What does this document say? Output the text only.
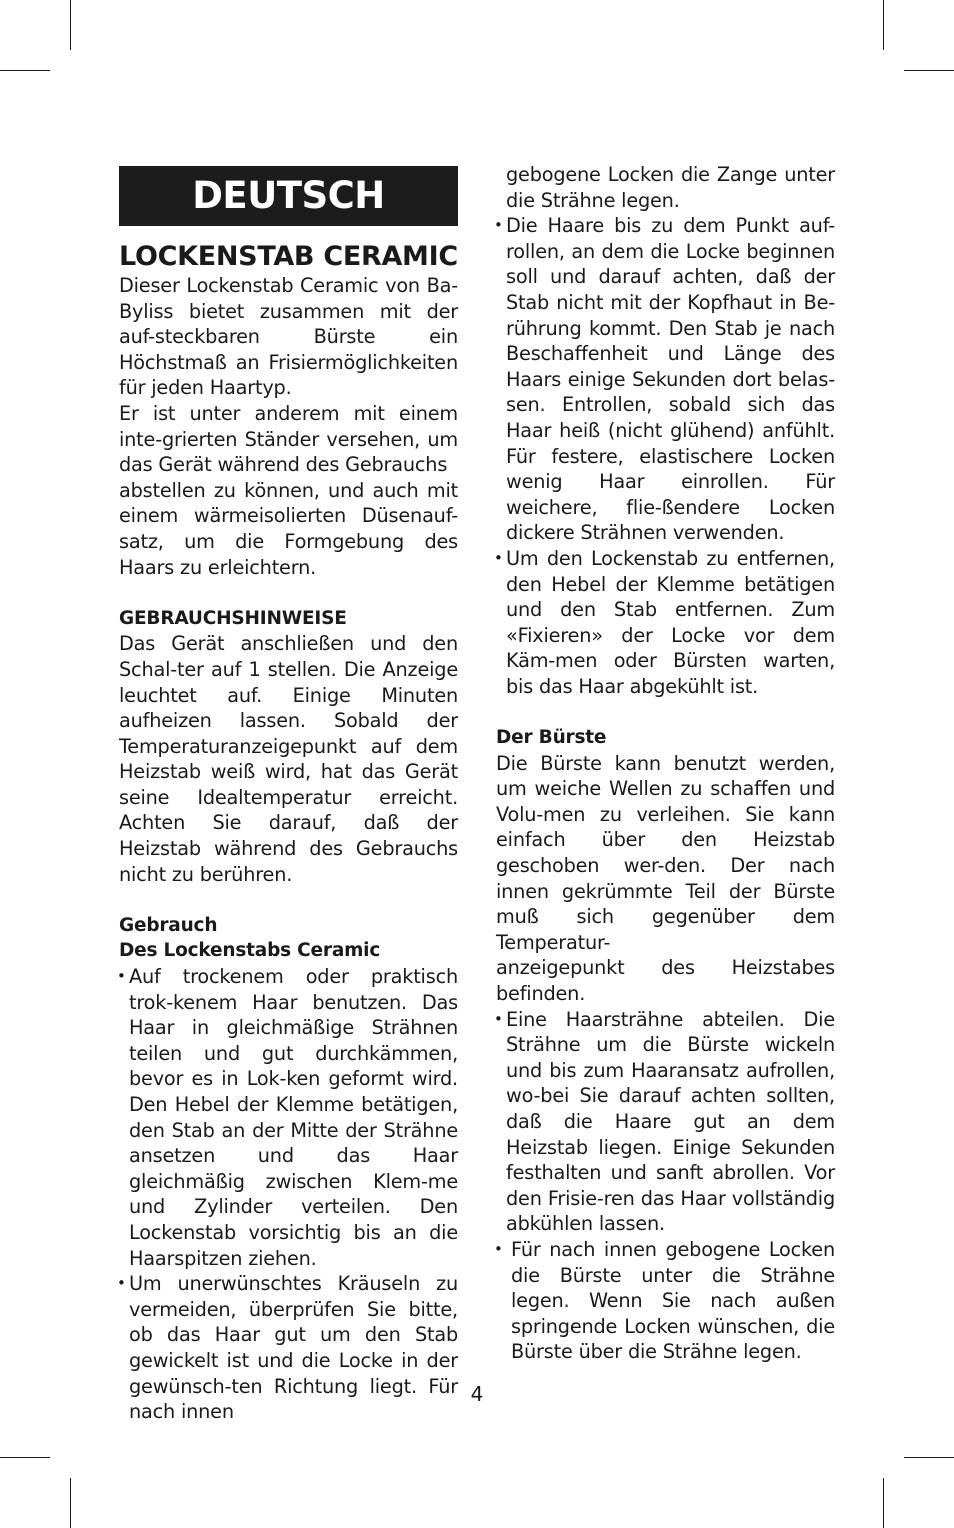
DEUTSCH
LOCKENSTAB CERAMIC

Dieser Lockenstab Ceramic von Ba-Byliss bietet zusammen mit der auf-steckbaren Bürste ein Höchstmaß an Frisiermöglichkeiten für jeden Haartyp.

Er ist unter anderem mit einem inte-grierten Ständer versehen, um das Gerät während des Gebrauchs

abstellen zu können, und auch mit einem wärmeisolierten Düsenauf-satz, um die Formgebung des Haars zu erleichtern.

GEBRAUCHSHINWEISE

Das Gerät anschließen und den Schal-ter auf 1 stellen. Die Anzeige leuchtet auf. Einige Minuten aufheizen lassen. Sobald der Temperaturanzeigepunkt auf dem Heizstab weiß wird, hat das Gerät seine Idealtemperatur erreicht. Achten Sie darauf, daß der Heizstab während des Gebrauchs nicht zu berühren.

Gebrauch
Des Lockenstabs Ceramic
• Auf trockenem oder praktisch trok-kenem Haar benutzen. Das Haar in gleichmäßige Strähnen teilen und gut durchkämmen, bevor es in Lok-ken geformt wird. Den Hebel der Klemme betätigen, den Stab an der Mitte der Strähne ansetzen und das Haar gleichmäßig zwischen Klem-me und Zylinder verteilen. Den Lockenstab vorsichtig bis an die Haarspitzen ziehen.
• Um unerwünschtes Kräuseln zu vermeiden, überprüfen Sie bitte, ob das Haar gut um den Stab gewickelt ist und die Locke in der gewünsch-ten Richtung liegt. Für nach innen

gebogene Locken die Zange unter die Strähne legen.

• Die Haare bis zu dem Punkt auf-rollen, an dem die Locke beginnen soll und darauf achten, daß der Stab nicht mit der Kopfhaut in Be-rührung kommt. Den Stab je nach Beschaffenheit und Länge des Haars einige Sekunden dort belas-sen. Entrollen, sobald sich das Haar heiß (nicht glühend) anfühlt. Für festere, elastischere Locken wenig Haar einrollen. Für weichere, flie-ßendere Locken dickere Strähnen verwenden.
• Um den Lockenstab zu entfernen, den Hebel der Klemme betätigen und den Stab entfernen. Zum «Fixieren» der Locke vor dem Käm-men oder Bürsten warten, bis das Haar abgekühlt ist.
Der Bürste

Die Bürste kann benutzt werden, um weiche Wellen zu schaffen und Volu-men zu verleihen. Sie kann einfach über den Heizstab geschoben wer-den. Der nach innen gekrümmte Teil der Bürste muß sich gegenüber dem Temperatur-

anzeigepunkt des Heizstabes befinden.

• Eine Haarsträhne abteilen. Die Strähne um die Bürste wickeln und bis zum Haaransatz aufrollen, wo-bei Sie darauf achten sollten, daß die Haare gut an dem Heizstab liegen. Einige Sekunden festhalten und sanft abrollen. Vor den Frisie-ren das Haar vollständig abkühlen lassen.
• Für nach innen gebogene Locken die Bürste unter die Strähne legen. Wenn Sie nach außen springende Locken wünschen, die Bürste über die Strähne legen.
4
